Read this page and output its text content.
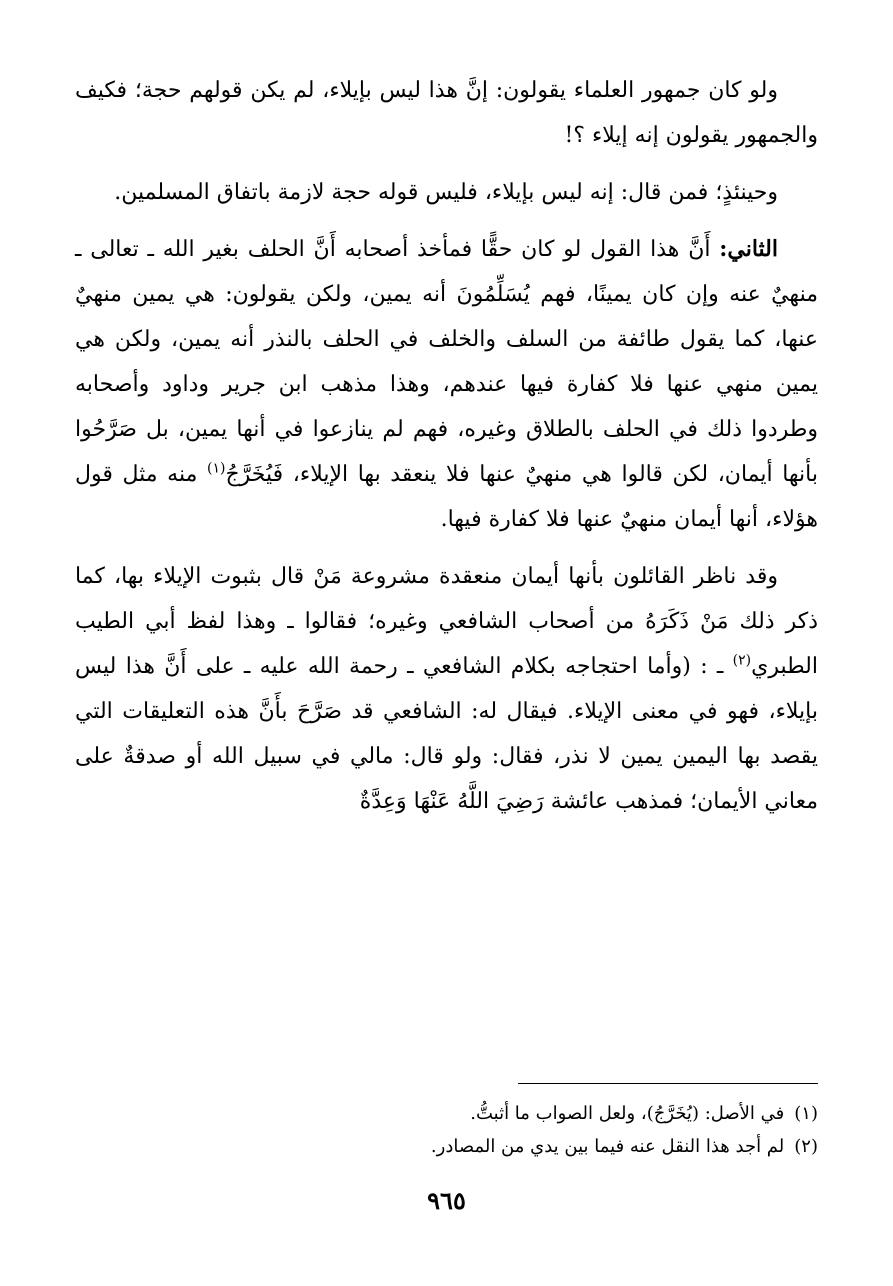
ولو كان جمهور العلماء يقولون: إنَّ هذا ليس بإيلاء، لم يكن قولهم حجة؛ فكيف والجمهور يقولون إنه إيلاء ؟!

وحينئذٍ؛ فمن قال: إنه ليس بإيلاء، فليس قوله حجة لازمة باتفاق المسلمين.

الثاني: أَنَّ هذا القول لو كان حقًّا فمأخذ أصحابه أَنَّ الحلف بغير الله ـ تعالى ـ منهيٌ عنه وإن كان يمينًا، فهم يُسَلِّمُونَ أنه يمين، ولكن يقولون: هي يمين منهيٌ عنها، كما يقول طائفة من السلف والخلف في الحلف بالنذر أنه يمين، ولكن هي يمين منهي عنها فلا كفارة فيها عندهم، وهذا مذهب ابن جرير وداود وأصحابه وطردوا ذلك في الحلف بالطلاق وغيره، فهم لم ينازعوا في أنها يمين، بل صَرَّحُوا بأنها أيمان، لكن قالوا هي منهيٌ عنها فلا ينعقد بها الإيلاء، فَيُخَرَّجُ$^{(١)}$ منه مثل قول هؤلاء، أنها أيمان منهيٌ عنها فلا كفارة فيها.

وقد ناظر القائلون بأنها أيمان منعقدة مشروعة مَنْ قال بثبوت الإيلاء بها، كما ذكر ذلك مَنْ ذَكَرَهُ من أصحاب الشافعي وغيره؛ فقالوا ـ وهذا لفظ أبي الطيب الطبري$^{(٢)}$ ـ : (وأما احتجاجه بكلام الشافعي ـ رحمة الله عليه ـ على أَنَّ هذا ليس بإيلاء، فهو في معنى الإيلاء. فيقال له: الشافعي قد صَرَّحَ بأَنَّ هذه التعليقات التي يقصد بها اليمين يمين لا نذر، فقال: ولو قال: مالي في سبيل الله أو صدقةٌ على معاني الأيمان؛ فمذهب عائشة رَضِيَ اللَّهُ عَنْهَا وَعِدَّةٌ

(١)في الأصل: (يُخَرَّجُ)، ولعل الصواب ما أثبتُّ.
(٢)لم أجد هذا النقل عنه فيما بين يدي من المصادر.
٩٦٥
